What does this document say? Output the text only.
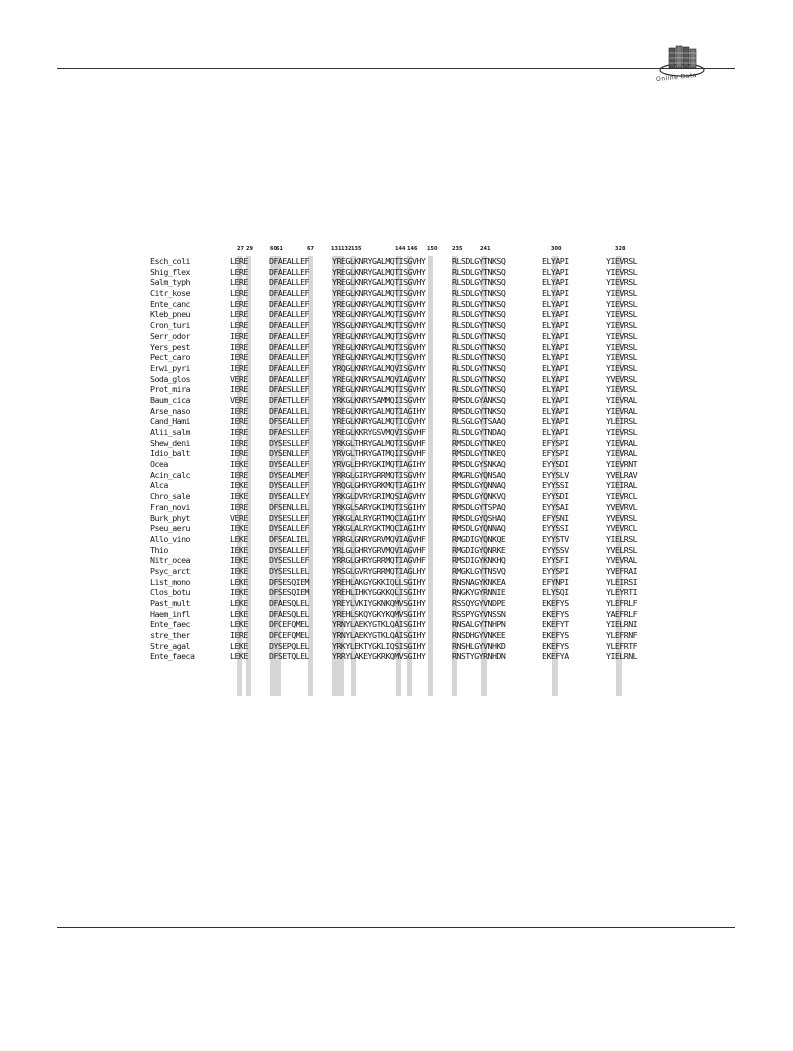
Online Data
27 29	60 61	67	131 132 135	144 146 150	235	241	300	328
Esch_coli	LERE	DFAEALLEF	YREGLKNRYGALMQTISGVHY	RLSDLGYTNKSQ	ELYAPI	YIEVRSL
Shig_flex	LERE	DFAEALLEF	YREGLKNRYGALMQTISGVHY	RLSDLGYTNKSQ	ELYAPI	YIEVRSL
Salm_typh	LERE	DFAEALLEF	YREGLKNRYGALMQTISGVHY	RLSDLGYTNKSQ	ELYAPI	YIEVRSL
Citr_kose	LERE	DFAEALLEF	YREGLKNRYGALMQTISGVHY	RLSDLGYTNKSQ	ELYAPI	YIEVRSL
Ente_canc	LERE	DFAEALLEF	YREGLKNRYGALMQTISGVHY	RLSDLGYTNKSQ	ELYAPI	YIEVRSL
Kleb_pneu	LERE	DFAEALLEF	YREGLKNRYGALMQTISGVHY	RLSDLGYTNKSQ	ELYAPI	YIEVRSL
Cron_turi	LERE	DFAEALLEF	YRSGLKNRYGALMQTISGVHY	RLSDLGYTNKSQ	ELYAPI	YIEVRSL
Serr_odor	IERE	DFAEALLEF	YREGLKNRYGALMQTISGVHY	RLSDLGYTNKSQ	ELYAPI	YIEVRSL
Yers_pest	IERE	DFAEALLEF	YREGLKNRYGALMQTISGVHY	RLSDLGYTNKSQ	ELYAPI	YIEVRSL
Pect_caro	IERE	DFAEALLEF	YREGLKNRYGALMQTISGVHY	RLSDLGYTNKSQ	ELYAPI	YIEVRSL
Erwi_pyri	IERE	DFAEALLEF	YRQGLKNRYGALMQVISGVHY	RLSDLGYTNKSQ	ELYAPI	YIEVRSL
Soda_glos	VERE	DFAEALLEF	YREGLKNRYSALMQVIAGVHY	RLSDLGYTNKSQ	ELYAPI	YVEVRSL
Prot_mira	IERE	DFAESLLEF	YREGLKNRYGALMQTISGVHY	RLSDLGYTNKSQ	ELYAPI	YIEVRSL
Baum_cica	VERE	DFAETLLEF	YRKGLKNRYSAMMQIISGVHY	RMSDLGYANKSQ	ELYAPI	YIEVRAL
Arse_naso	IERE	DFAEALLEL	YREGLKNRYGALMQTIAGIHY	RMSDLGYTNKSQ	ELYAPI	YIEVRAL
Cand_Hami	IERE	DFSEALLEF	YREGLKNRYGALMQTICGVHY	RLSGLGYTSAAQ	ELYAPI	YLEIRSL
Alii_salm	IERE	DFAESLLEF	YREGLKKRYGSVMQVISGVHF	RLSDLGYTNDAQ	ELYAPI	YIEVRSL
Shew_deni	IERE	DYSESLLEF	YRKGLTHRYGALMQTISGVHF	RMSDLGYTNKEQ	EFYSPI	YIEVRAL
Idio_balt	IERE	DYSENLLEF	YRVGLTHRYGATMQIISGVHF	RMSDLGYTNKEQ	EFYSPI	YIEVRAL
Ocea	IEKE	DYSEALLEF	YRVGLEHRYGKIMQTIAGIHY	RMSDLGYSNKAQ	EYYSDI	YIEVRNT
Acin_calc	IERE	DYSEALMEF	YRRGLGIRYGRRMQTISGVHY	RMGRLGYQNSAQ	EYYSLV	YVELRAV
Alca	IEKE	DYSEALLEF	YRQGLGHRYGRKMQTIAGIHY	RMSDLGYQNNAQ	EYYSSI	YIEIRAL
Chro_sale	IEKE	DYSEALLEY	YRKGLDVRYGRIMQSIAGVHY	RMSDLGYQNKVQ	EYYSDI	YIEVRCL
Fran_novi	IERE	DFSENLLEL	YRKGLSARYGKIMQTISGIHY	RMSDLGYTSPAQ	EYYSAI	YVEVRVL
Burk_phyt	VERE	DYSESLLEF	YRKGLALRYGRTMQCIAGIHY	RMSDLGYQSHAQ	EFYSNI	YVEVRSL
Pseu_aeru	IEKE	DYSEALLEF	YRKGLALRYGKTMQCIAGIHY	RMSDLGYQNNAQ	EYYSSI	YVEVRCL
Allo_vino	LEKE	DFSEALIEL	YRRGLGNRYGRVMQVIAGVHF	RMGDIGYQNKQE	EYYSTV	YIELRSL
Thio	IEKE	DYSEALLEF	YRLGLGHRYGRVMQVIAGVHF	RMGDIGYQNRKE	EYYSSV	YVELRSL
Nitr_ocea	IEKE	DYSESLLEF	YRRGLGHRYGRRMQTIAGVHF	RMSDIGYKNKHQ	EYYSFI	YVEVRAL
Psyc_arct	IEKE	DYSESLLEL	YRSGLGVRYGRRMQTIAGLHY	RMGKLGYTNSVQ	EYYSPI	YVEFRAI
List_mono	LEKE	DFSESQIEM	YREHLAKGYGKKIQLLSGIHY	RNSNAGYKNKEA	EFYNPI	YLEIRSI
Clos_botu	IEKE	DFSESQIEM	YREHLIHKYGGKKQLISGIHY	RNGKYGYRNNIE	ELYSQI	YLEYRTI
Past_mult	LEKE	DFAESQLEL	YREYLVKIYGKNKQMVSGIHY	RSSQYGYVNDPE	EKEFYS	YLEFRLF
Haem_infl	LEKE	DFAESQLEL	YREHLSKQYGKYKQMVSGIHY	RSSPYGYVNSSN	EKEFYS	YAEFRLF
Ente_faec	LEKE	DFCEFQMEL	YRNYLAEKYGTKLQAISGIHY	RNSALGYTNHPN	EKEFYT	YIELRNI
stre_ther	IERE	DFCEFQMEL	YRNYLAEKYGTKLQAISGIHY	RNSDHGYVNKEE	EKEFYS	YLEFRNF
Stre_agal	LEKE	DYSEPQLEL	YRKYLEKTYGKLIQSISGIHY	RNSHLGYVNHKD	EKEFYS	YLEFRTF
Ente_faeca	LEKE	DFSETQLEL	YRRYLAKEYGKRKQMVSGIHY	RNSTYGYRNHDN	EKEFYA	YIELRNL
